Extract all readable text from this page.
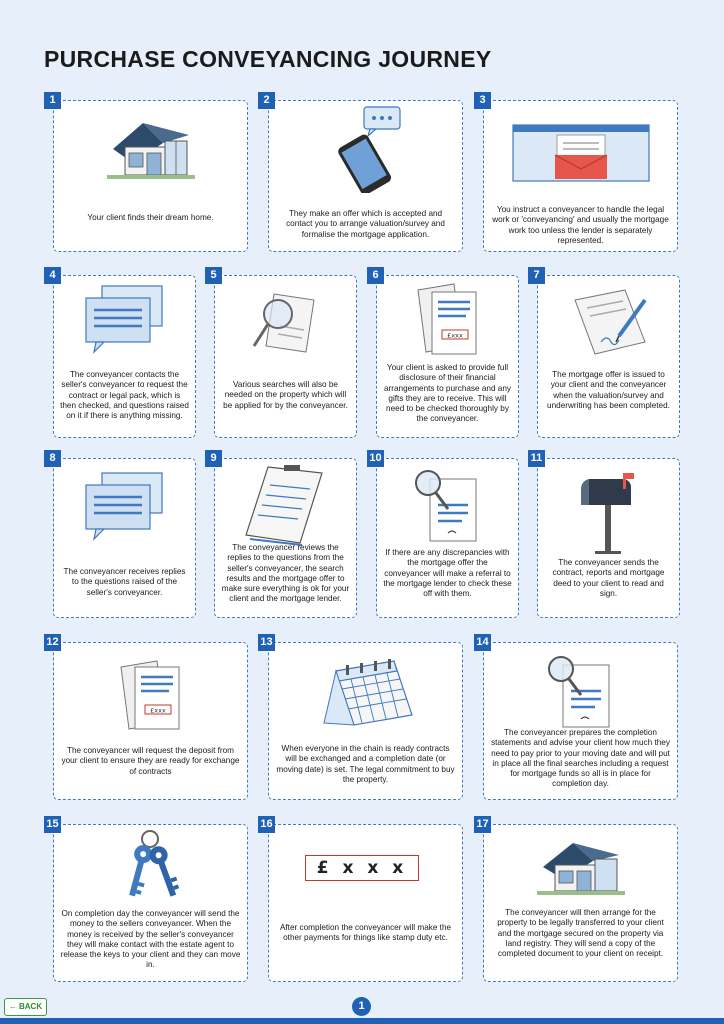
PURCHASE CONVEYANCING JOURNEY
Your client finds their dream home.
1
They make an offer which is accepted and contact you to arrange valuation/survey and formalise the mortgage application.
2
You instruct a conveyancer to handle the legal work or 'conveyancing' and usually the mortgage work too unless the lender is separately represented.
3
The conveyancer contacts the seller's conveyancer to request the contract or legal pack, which is then checked, and questions raised on it if there is anything missing.
4
Various searches will also be needed on the property which will be applied for by the conveyancer.
5
£xxx
Your client is asked to provide full disclosure of their financial arrangements to purchase and any gifts they are to receive. This will need to be checked thoroughly by the conveyancer.
6
The mortgage offer is issued to your client and the conveyancer when the valuation/survey and underwriting has been completed.
7
The conveyancer receives replies to the questions raised of the seller's conveyancer.
8
The conveyancer reviews the replies to the questions from the seller's conveyancer, the search results and the mortgage offer to make sure everything is ok for your client and the mortgage lender.
9
If there are any discrepancies with the mortgage offer the conveyancer will make a referral to the mortgage lender to check these off with them.
10
The conveyancer sends the contract, reports and mortgage deed to your client to read and sign.
11
£xxx
The conveyancer will request the deposit from your client to ensure they are ready for exchange of contracts
12
When everyone in the chain is ready contracts will be exchanged and a completion date (or moving date) is set. The legal commitment to buy the property.
13
The conveyancer prepares the completion statements and advise your client how much they need to pay prior to your moving date and will put in place all the final searches including a request for mortgage funds so all is in place for completion day.
14
On completion day the conveyancer will send the money to the sellers conveyancer. When the money is received by the seller's conveyancer they will make contact with the estate agent to release the keys to your client and they can move in.
15
£ x x x
After completion the conveyancer will make the other payments for things like stamp duty etc.
16
The conveyancer will then arrange for the property to be legally transferred to your client and the mortgage secured on the property via land registry. They will send a copy of the completed document to your client on receipt.
17
← BACK	1
